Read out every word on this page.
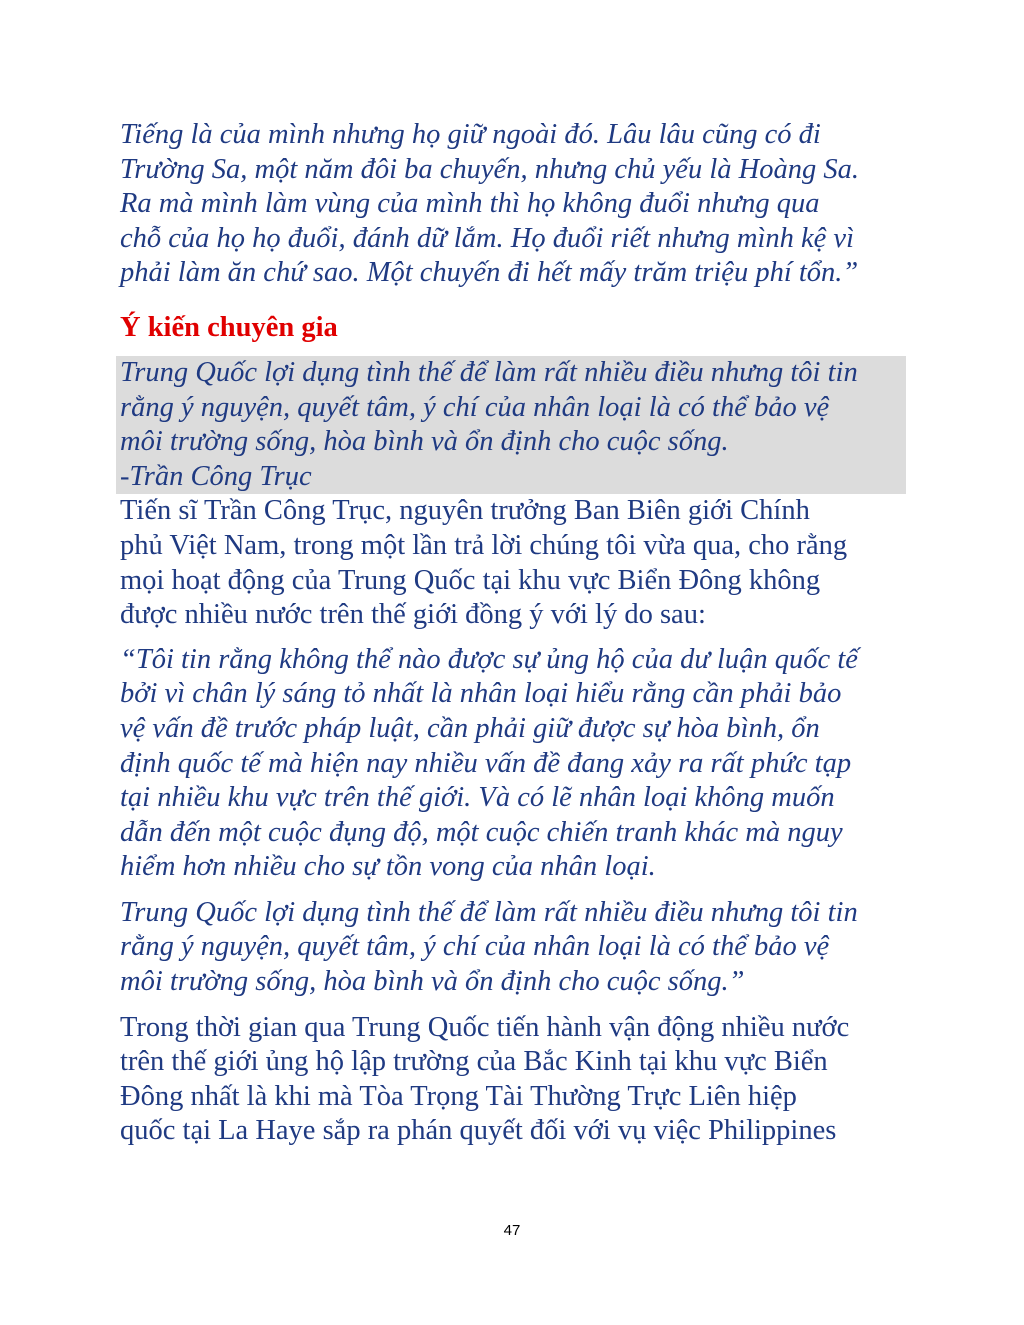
Tiếng là của mình nhưng họ giữ ngoài đó. Lâu lâu cũng có đi
Trường Sa, một năm đôi ba chuyến, nhưng chủ yếu là Hoàng Sa.
Ra mà mình làm vùng của mình thì họ không đuổi nhưng qua
chỗ của họ họ đuổi, đánh dữ lắm. Họ đuổi riết nhưng mình kệ vì
phải làm ăn chứ sao. Một chuyến đi hết mấy trăm triệu phí tổn.”
Ý kiến chuyên gia
Trung Quốc lợi dụng tình thế để làm rất nhiều điều nhưng tôi tin
rằng ý nguyện, quyết tâm, ý chí của nhân loại là có thể bảo vệ
môi trường sống, hòa bình và ổn định cho cuộc sống.
-Trần Công Trục
Tiến sĩ Trần Công Trục, nguyên trưởng Ban Biên giới Chính
phủ Việt Nam, trong một lần trả lời chúng tôi vừa qua, cho rằng
mọi hoạt động của Trung Quốc tại khu vực Biển Đông không
được nhiều nước trên thế giới đồng ý với lý do sau:
“Tôi tin rằng không thể nào được sự ủng hộ của dư luận quốc tế
bởi vì chân lý sáng tỏ nhất là nhân loại hiểu rằng cần phải bảo
vệ vấn đề trước pháp luật, cần phải giữ được sự hòa bình, ổn
định quốc tế mà hiện nay nhiều vấn đề đang xảy ra rất phức tạp
tại nhiều khu vực trên thế giới. Và có lẽ nhân loại không muốn
dẫn đến một cuộc đụng độ, một cuộc chiến tranh khác mà nguy
hiểm hơn nhiều cho sự tồn vong của nhân loại.
Trung Quốc lợi dụng tình thế để làm rất nhiều điều nhưng tôi tin
rằng ý nguyện, quyết tâm, ý chí của nhân loại là có thể bảo vệ
môi trường sống, hòa bình và ổn định cho cuộc sống.”
Trong thời gian qua Trung Quốc tiến hành vận động nhiều nước
trên thế giới ủng hộ lập trường của Bắc Kinh tại khu vực Biển
Đông nhất là khi mà Tòa Trọng Tài Thường Trực Liên hiệp
quốc tại La Haye sắp ra phán quyết đối với vụ việc Philippines
47
